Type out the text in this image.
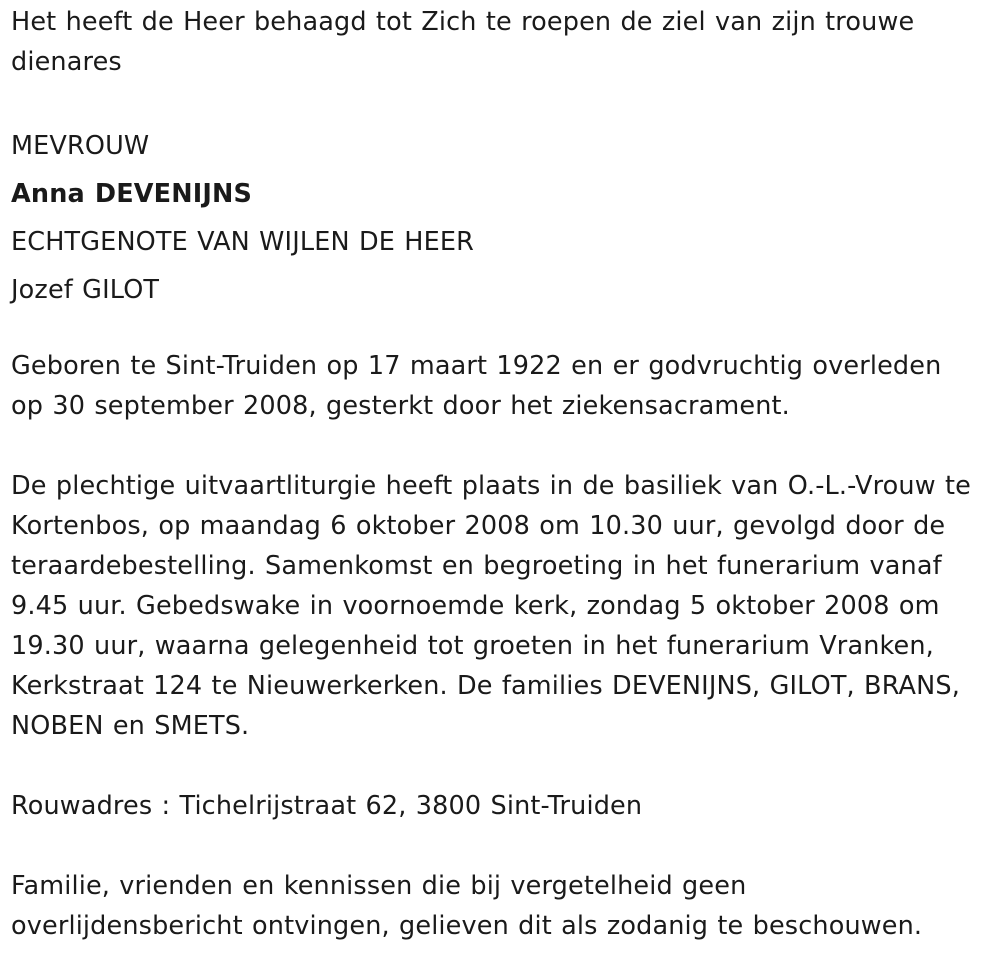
Het heeft de Heer behaagd tot Zich te roepen de ziel van zijn trouwe
dienares
MEVROUW
Anna DEVENIJNS
ECHTGENOTE VAN WIJLEN DE HEER
Jozef GILOT
Geboren te Sint-Truiden op 17 maart 1922 en er godvruchtig overleden
op 30 september 2008, gesterkt door het ziekensacrament.
De plechtige uitvaartliturgie heeft plaats in de basiliek van O.-L.-Vrouw te
Kortenbos, op maandag 6 oktober 2008 om 10.30 uur, gevolgd door de
teraardebestelling. Samenkomst en begroeting in het funerarium vanaf
9.45 uur. Gebedswake in voornoemde kerk, zondag 5 oktober 2008 om
19.30 uur, waarna gelegenheid tot groeten in het funerarium Vranken,
Kerkstraat 124 te Nieuwerkerken. De families DEVENIJNS, GILOT, BRANS,
NOBEN en SMETS.
Rouwadres : Tichelrijstraat 62, 3800 Sint-Truiden
Familie, vrienden en kennissen die bij vergetelheid geen
overlijdensbericht ontvingen, gelieven dit als zodanig te beschouwen.
